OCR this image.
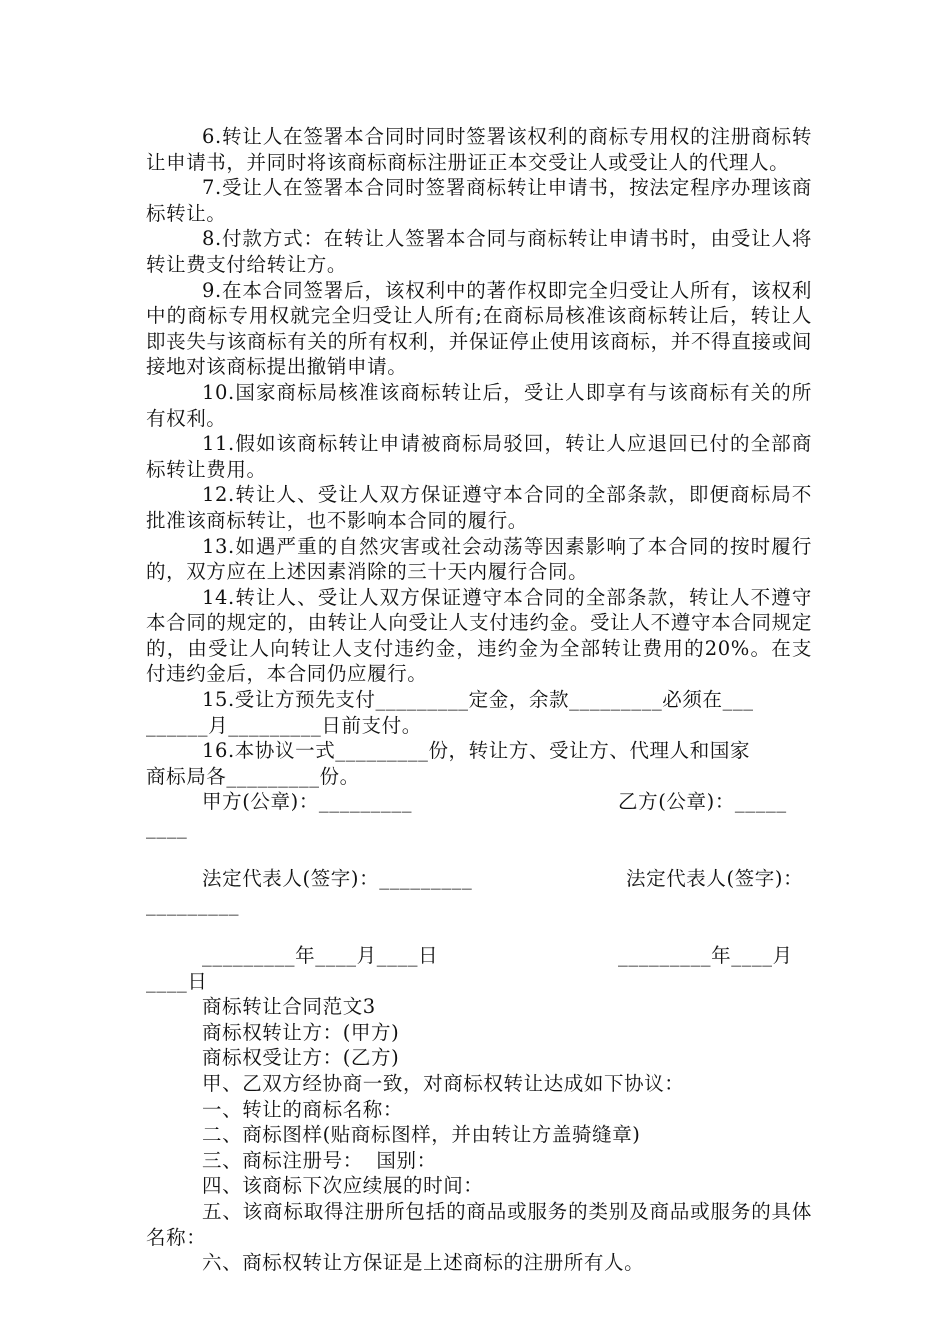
6.转让人在签署本合同时同时签署该权利的商标专用权的注册商标转让申请书，并同时将该商标商标注册证正本交受让人或受让人的代理人。

7.受让人在签署本合同时签署商标转让申请书，按法定程序办理该商标转让。

8.付款方式：在转让人签署本合同与商标转让申请书时，由受让人将转让费支付给转让方。

9.在本合同签署后，该权利中的著作权即完全归受让人所有，该权利中的商标专用权就完全归受让人所有;在商标局核准该商标转让后，转让人即丧失与该商标有关的所有权利，并保证停止使用该商标，并不得直接或间接地对该商标提出撤销申请。

10.国家商标局核准该商标转让后，受让人即享有与该商标有关的所有权利。

11.假如该商标转让申请被商标局驳回，转让人应退回已付的全部商标转让费用。

12.转让人、受让人双方保证遵守本合同的全部条款，即便商标局不批准该商标转让，也不影响本合同的履行。

13.如遇严重的自然灾害或社会动荡等因素影响了本合同的按时履行的，双方应在上述因素消除的三十天内履行合同。

14.转让人、受让人双方保证遵守本合同的全部条款，转让人不遵守本合同的规定的，由转让人向受让人支付违约金。受让人不遵守本合同规定的，由受让人向转让人支付违约金，违约金为全部转让费用的20%。在支付违约金后，本合同仍应履行。

15.受让方预先支付_________定金，余款_________必须在___
______月_________日前支付。
16.本协议一式_________份，转让方、受让方、代理人和国家
商标局各_________份。

甲方(公章)：_________

	乙方(公章)：_____

____

法定代表人(签字)：_________

	法定代表人(签字)：

_________

_________年____月____日

	_________年____月

____日
商标转让合同范文3
商标权转让方：(甲方)
商标权受让方：(乙方)
甲、乙双方经协商一致，对商标权转让达成如下协议：
一、转让的商标名称：
二、商标图样(贴商标图样，并由转让方盖骑缝章)
三、商标注册号：  国别：
四、该商标下次应续展的时间：

五、该商标取得注册所包括的商品或服务的类别及商品或服务的具体名称：

六、商标权转让方保证是上述商标的注册所有人。
